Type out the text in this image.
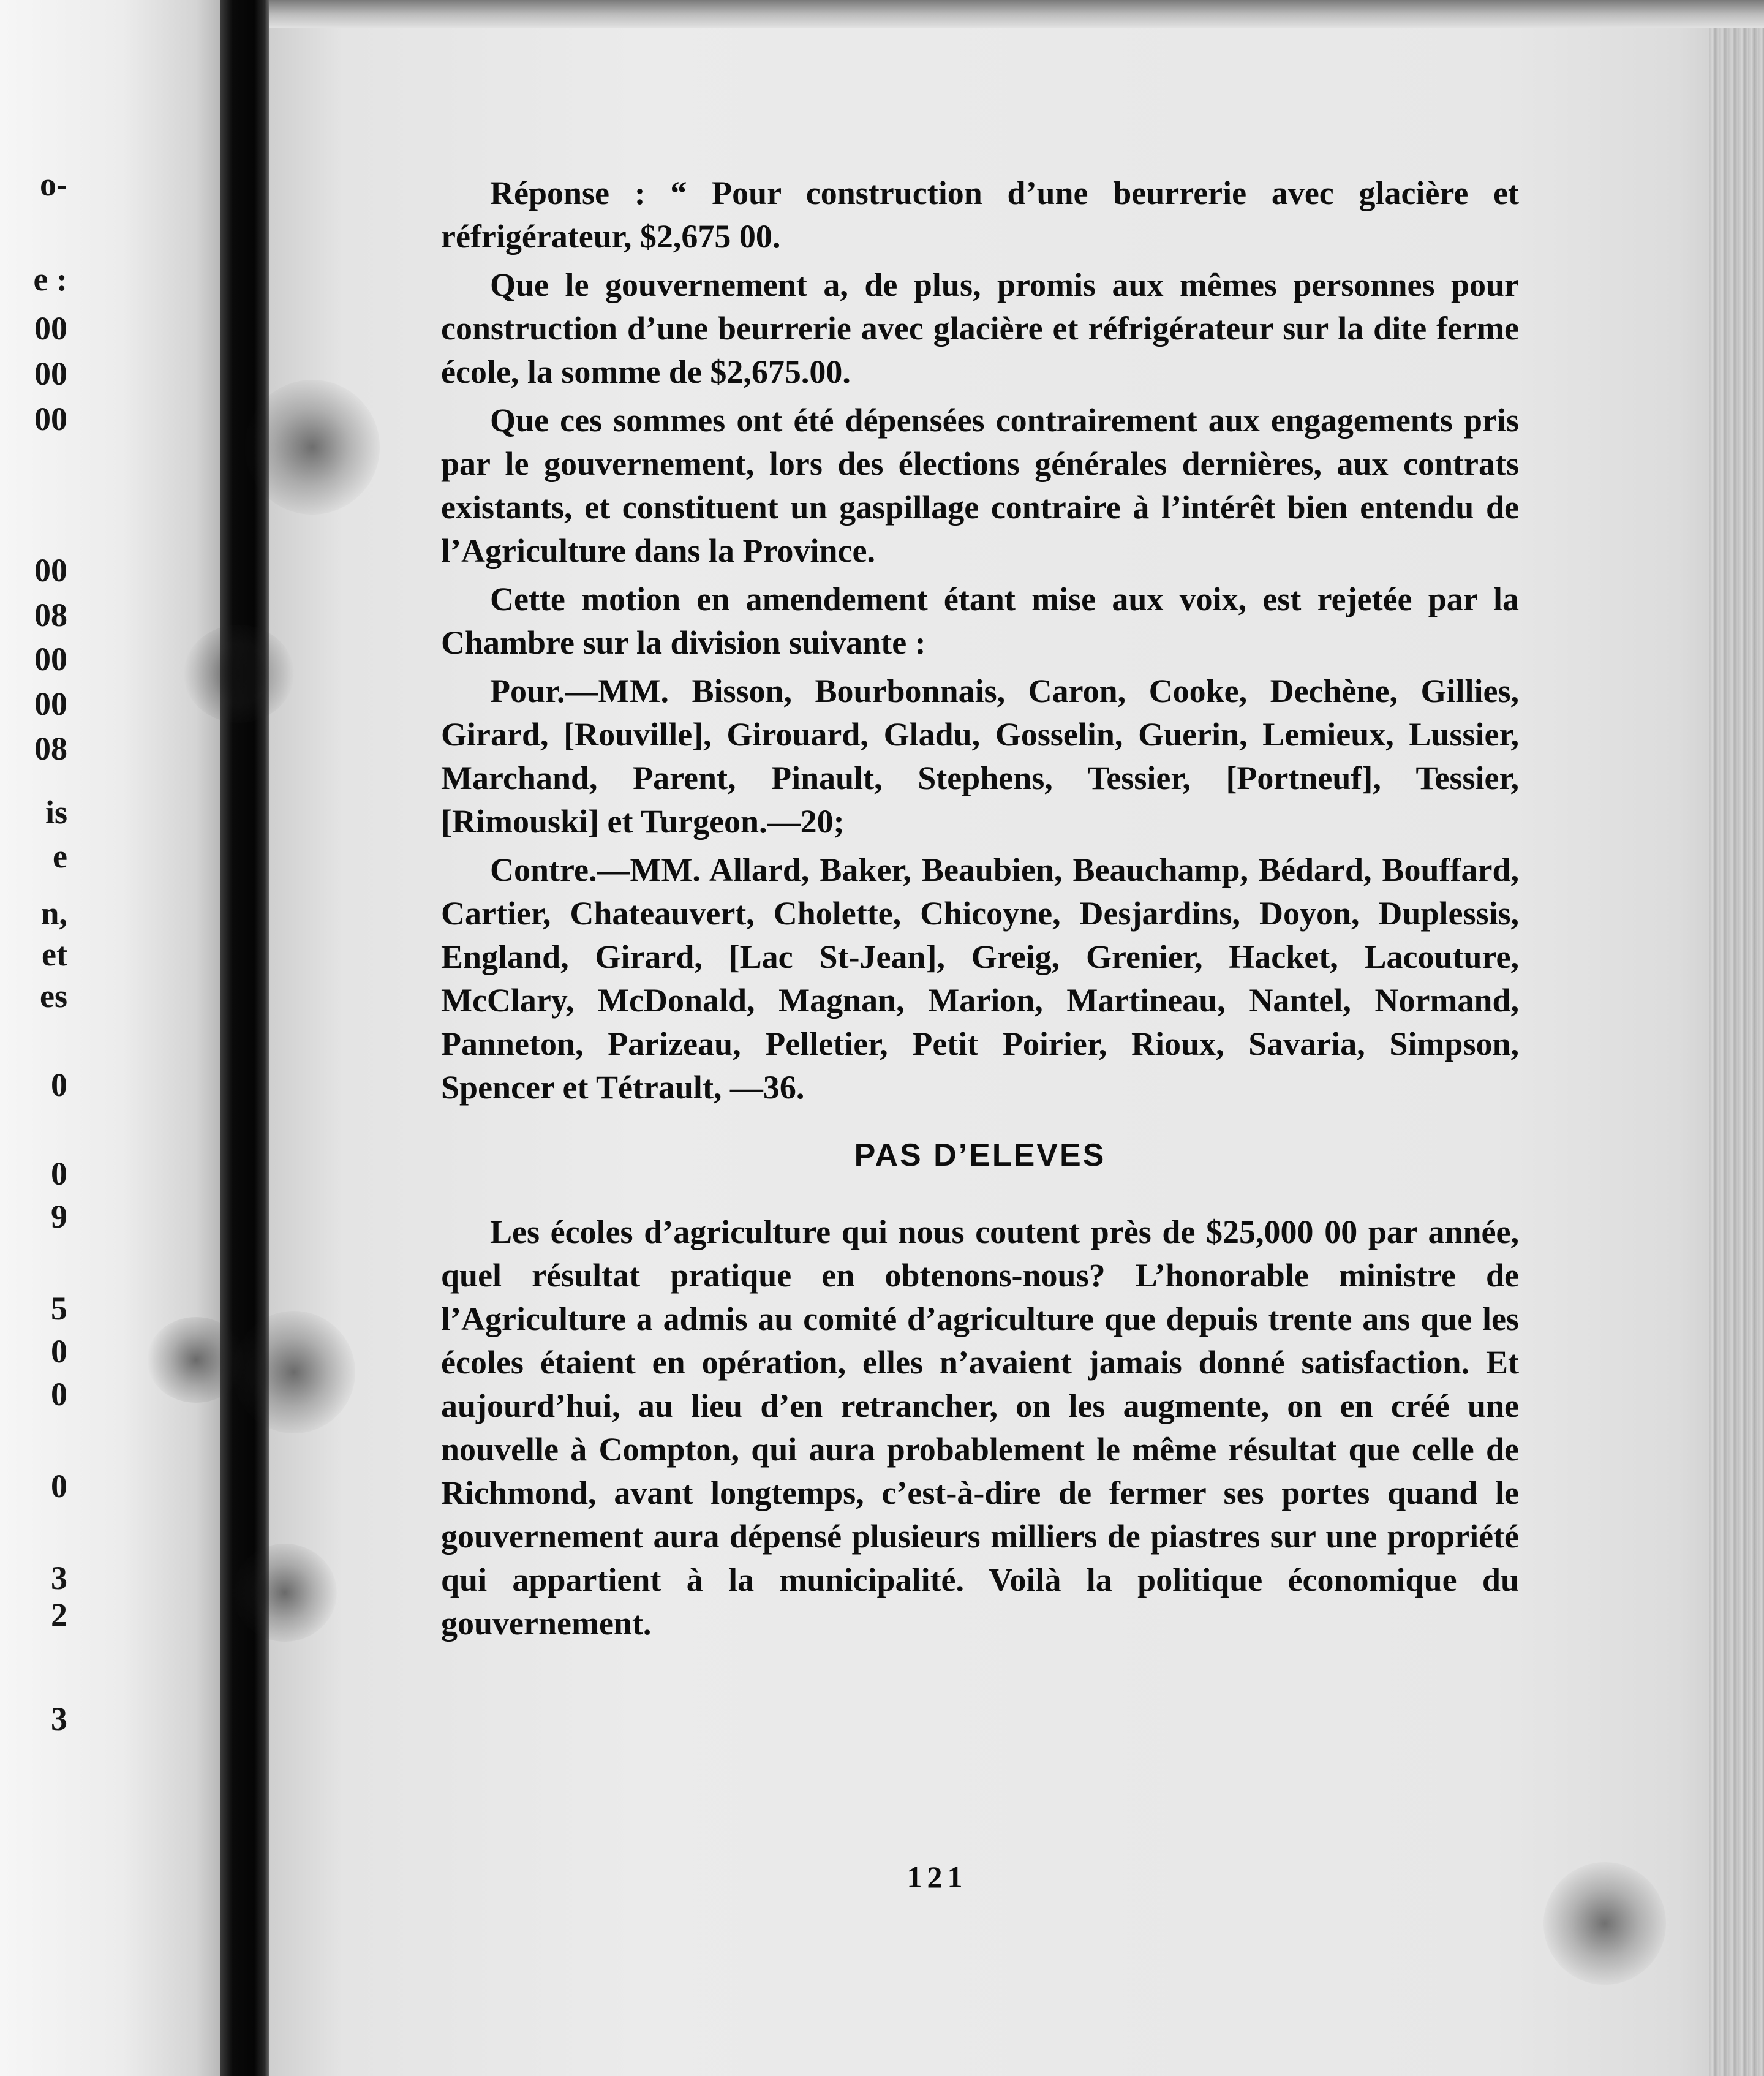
o-
e :
00
00
00
00
08
00
00
08
is
e
n,
et
es
0
0
9
5
0
0
0
3
2
3

Réponse : “ Pour construction d’une beurrerie avec glacière et réfrigérateur, $2,675 00.

Que le gouvernement a, de plus, promis aux mêmes personnes pour construction d’une beurrerie avec glacière et réfrigérateur sur la dite ferme école, la somme de $2,675.00.

Que ces sommes ont été dépensées contrairement aux engagements pris par le gouvernement, lors des élections générales dernières, aux contrats existants, et constituent un gaspillage contraire à l’intérêt bien entendu de l’Agriculture dans la Province.

Cette motion en amendement étant mise aux voix, est rejetée par la Chambre sur la division suivante :

Pour.—MM. Bisson, Bourbonnais, Caron, Cooke, Dechène, Gillies, Girard, [Rouville], Girouard, Gladu, Gosselin, Guerin, Lemieux, Lussier, Marchand, Parent, Pinault, Stephens, Tessier, [Portneuf], Tessier, [Rimouski] et Turgeon.—20;

Contre.—MM. Allard, Baker, Beaubien, Beauchamp, Bédard, Bouffard, Cartier, Chateauvert, Cholette, Chicoyne, Desjardins, Doyon, Duplessis, England, Girard, [Lac St-Jean], Greig, Grenier, Hacket, Lacouture, McClary, McDonald, Magnan, Marion, Martineau, Nantel, Normand, Panneton, Parizeau, Pelletier, Petit Poirier, Rioux, Savaria, Simpson, Spencer et Tétrault, —36.

PAS D’ELEVES

Les écoles d’agriculture qui nous coutent près de $25,000 00 par année, quel résultat pratique en obtenons-nous? L’honorable ministre de l’Agriculture a admis au comité d’agriculture que depuis trente ans que les écoles étaient en opération, elles n’avaient jamais donné satisfaction. Et aujourd’hui, au lieu d’en retrancher, on les augmente, on en créé une nouvelle à Compton, qui aura probablement le même résultat que celle de Richmond, avant longtemps, c’est-à-dire de fermer ses portes quand le gouvernement aura dépensé plusieurs milliers de piastres sur une propriété qui appartient à la municipalité. Voilà la politique économique du gouvernement.

121
